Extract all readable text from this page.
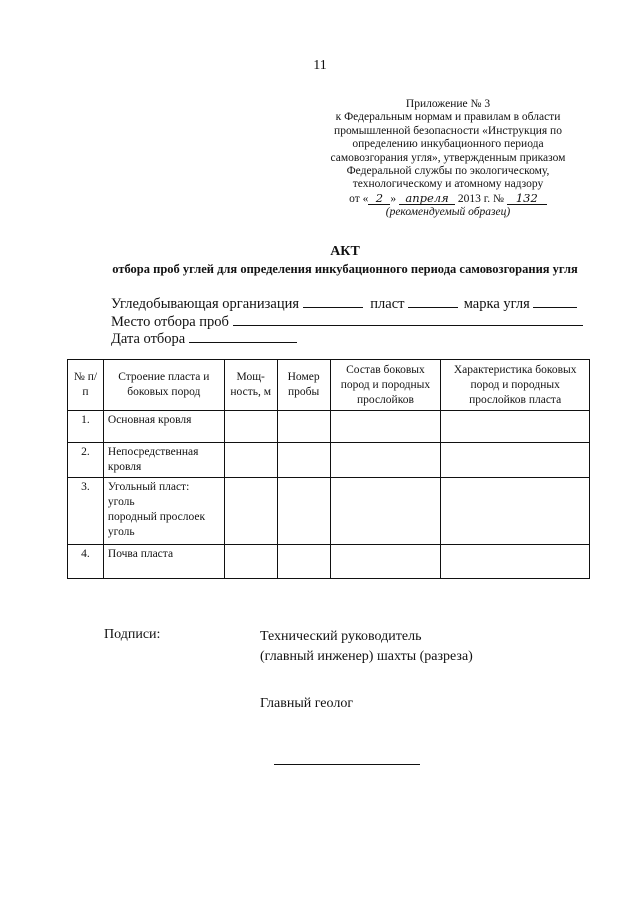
11
Приложение № 3
к Федеральным нормам и правилам в области
промышленной безопасности «Инструкция по
определению инкубационного периода
самовозгорания угля», утвержденным приказом
Федеральной службы по экологическому,
технологическому и атомному надзору
от « 2 » апреля 2013 г. № 132
(рекомендуемый образец)
АКТ
отбора проб углей для определения инкубационного периода самовозгорания угля
Угледобывающая организация	пласт	марка угля
Место отбора проб
Дата отбора
№ п/п	Строение пласта и боковых пород	Мощ-ность, м	Номер пробы	Состав боковых пород и породных прослойков	Характеристика боковых пород и породных прослойков пласта
1.	Основная кровля				

2.	Непосредственная кровля				

3.	Угольный пласт:
уголь
породный прослоек
уголь				

4.	Почва пласта				

Подписи:	Технический руководитель
(главный инженер) шахты (разреза)
Главный геолог
